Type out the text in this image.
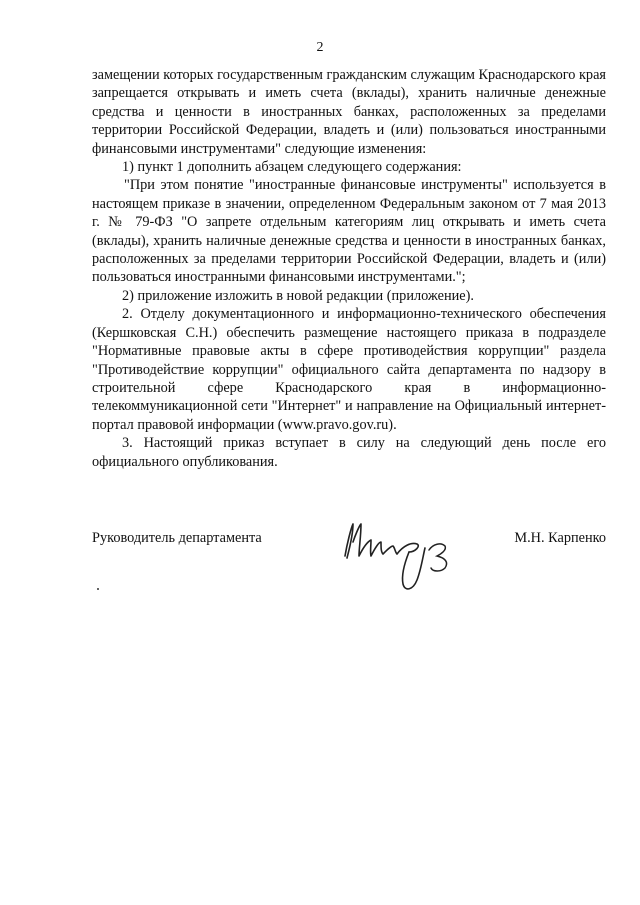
2

замещении которых государственным гражданским служащим Краснодарского края запрещается открывать и иметь счета (вклады), хранить наличные денежные средства и ценности в иностранных банках, расположенных за пределами территории Российской Федерации, владеть и (или) пользоваться иностранными финансовыми инструментами" следующие изменения:

1) пункт 1 дополнить абзацем следующего содержания:

"При этом понятие "иностранные финансовые инструменты" используется в настоящем приказе в значении, определенном Федеральным законом от 7 мая 2013 г. № 79-ФЗ "О запрете отдельным категориям лиц открывать и иметь счета (вклады), хранить наличные денежные средства и ценности в иностранных банках, расположенных за пределами территории Российской Федерации, владеть и (или) пользоваться иностранными финансовыми инструментами.";

2) приложение изложить в новой редакции (приложение).

2. Отделу документационного и информационно-технического обеспечения (Кершковская С.Н.) обеспечить размещение настоящего приказа в подразделе "Нормативные правовые акты в сфере противодействия коррупции" раздела "Противодействие коррупции" официального сайта департамента по надзору в строительной сфере Краснодарского края в информационно-телекоммуникационной сети "Интернет" и направление на Официальный интернет-портал правовой информации (www.pravo.gov.ru).

3. Настоящий приказ вступает в силу на следующий день после его официального опубликования.

Руководитель департамента	М.Н. Карпенко
